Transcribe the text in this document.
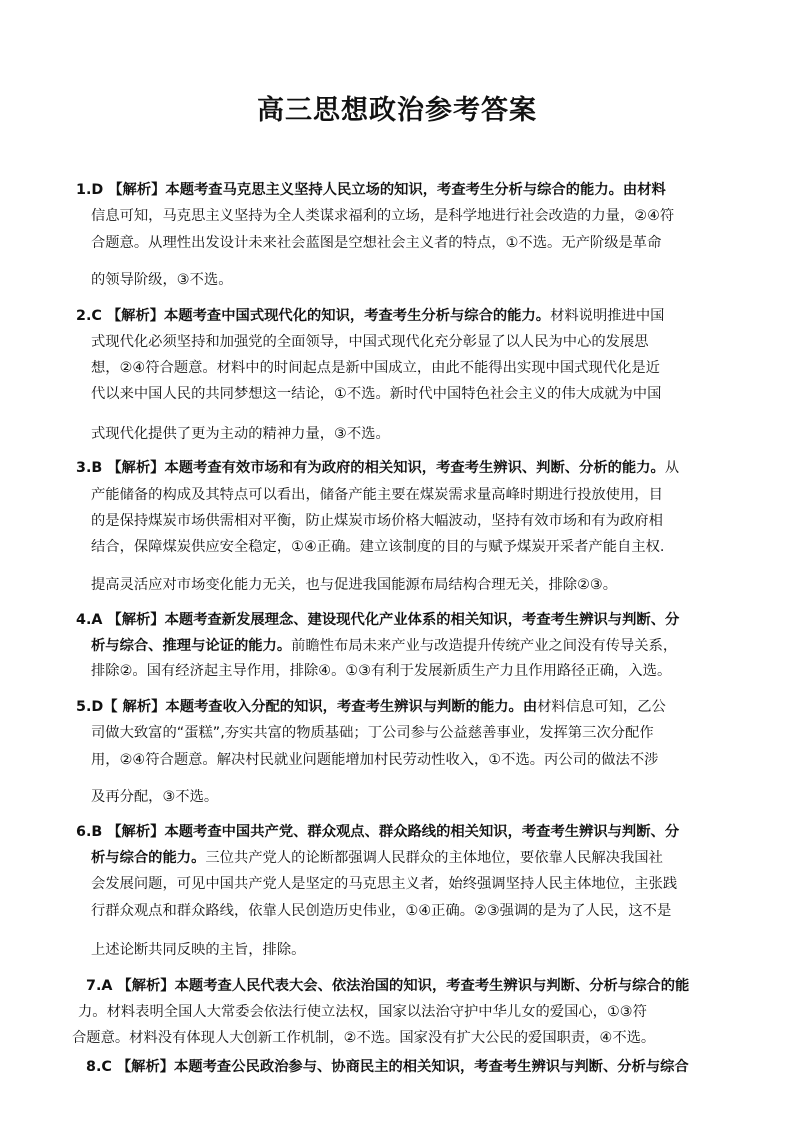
高三思想政治参考答案
1.D 【解析】本题考查马克思主义坚持人民立场的知识，考查考生分析与综合的能力。由材料
信息可知，马克思主义坚持为全人类谋求福利的立场，是科学地进行社会改造的力量，②④符
合题意。从理性出发设计未来社会蓝图是空想社会主义者的特点，①不选。无产阶级是革命
的领导阶级，③不选。
2.C 【解析】本题考查中国式现代化的知识，考查考生分析与综合的能力。材料说明推进中国
式现代化必须坚持和加强党的全面领导，中国式现代化充分彰显了以人民为中心的发展思
想，②④符合题意。材料中的时间起点是新中国成立，由此不能得出实现中国式现代化是近
代以来中国人民的共同梦想这一结论，①不选。新时代中国特色社会主义的伟大成就为中国
式现代化提供了更为主动的精神力量，③不选。
3.B 【解析】本题考查有效市场和有为政府的相关知识，考查考生辨识、判断、分析的能力。从
产能储备的构成及其特点可以看出，储备产能主要在煤炭需求量高峰时期进行投放使用，目
的是保持煤炭市场供需相对平衡，防止煤炭市场价格大幅波动，坚持有效市场和有为政府相
结合，保障煤炭供应安全稳定，①④正确。建立该制度的目的与赋予煤炭开采者产能自主权.
提高灵活应对市场变化能力无关，也与促进我国能源布局结构合理无关，排除②③。
4.A 【解析】本题考查新发展理念、建设现代化产业体系的相关知识，考查考生辨识与判断、分
析与综合、推理与论证的能力。前瞻性布局未来产业与改造提升传统产业之间没有传导关系，
排除②。国有经济起主导作用，排除④。①③有利于发展新质生产力且作用路径正确，入选。
5.D【 解析】本题考查收入分配的知识，考查考生辨识与判断的能力。由材料信息可知，乙公
司做大致富的“蛋糕”,夯实共富的物质基础；丁公司参与公益慈善事业，发挥第三次分配作
用，②④符合题意。解决村民就业问题能增加村民劳动性收入，①不选。丙公司的做法不涉
及再分配，③不选。
6.B 【解析】本题考查中国共产党、群众观点、群众路线的相关知识，考查考生辨识与判断、分
析与综合的能力。三位共产党人的论断都强调人民群众的主体地位，要依靠人民解决我国社
会发展问题，可见中国共产党人是坚定的马克思主义者，始终强调坚持人民主体地位，主张践
行群众观点和群众路线，依靠人民创造历史伟业，①④正确。②③强调的是为了人民，这不是
上述论断共同反映的主旨，排除。
7.A 【解析】本题考查人民代表大会、依法治国的知识，考查考生辨识与判断、分析与综合的能
力。材料表明全国人大常委会依法行使立法权，国家以法治守护中华儿女的爱国心，①③符
合题意。材料没有体现人大创新工作机制，②不选。国家没有扩大公民的爱国职责，④不选。
8.C 【解析】本题考查公民政治参与、协商民主的相关知识，考查考生辨识与判断、分析与综合
